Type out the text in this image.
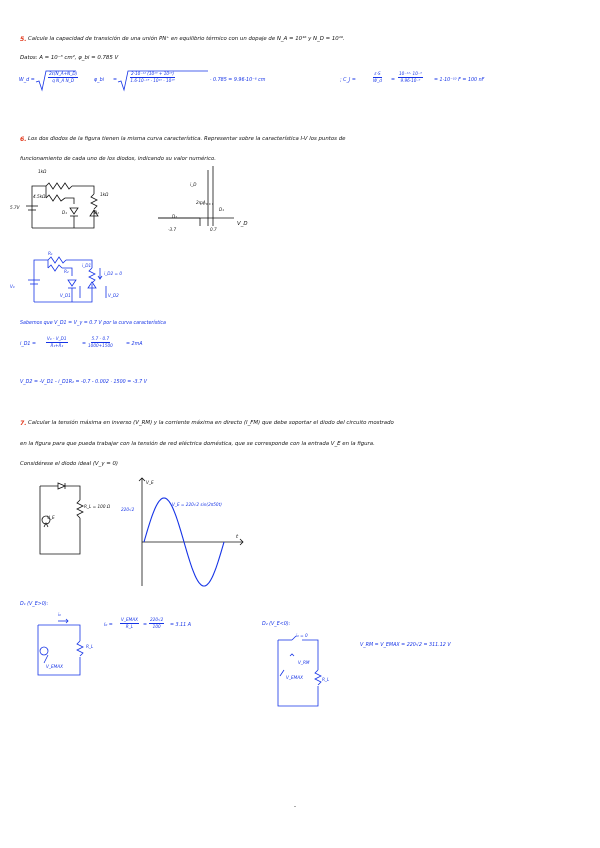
5. Calcule la capacidad de transición de una unión PN⁺ en equilibrio térmico con un dopaje de N_A = 10¹⁶ y N_D = 10¹⁹.
Datos: A = 10⁻³ cm², φ_bi = 0.785 V
W_d =	$\frac{2\varepsilon(N\_A+N\_D)}{\text{q N\_A N\_D}}$	φ_bi =	$\frac{\text{2·10⁻¹² (10¹⁶ + 10¹⁹)}}{\text{1.6·10⁻¹⁹ · 10¹⁶ · 10¹⁹}}$	· 0.785 = 9.96·10⁻⁶ cm	; C_J =	$\frac{\varepsilon\cdot S}{W\_d} = \frac{\text{10⁻¹²· 10⁻³}}{\text{9.96·10⁻⁶}} = 1\cdot 10^{-10}$ F = 100 nF
6. Los dos diodos de la figura tienen la misma curva característica. Representar sobre la característica I-V los puntos de
funcionamiento de cada uno de los diodos, indicando su valor numérico.
1kΩ
4.5kΩ	1kΩ
5.7V
D₁	D₂
i_D
V_D
D₂
D₁
2mA
-3.7	0.7
R₁
R₂	i_D2 = 0
V₀
V_D1	V_D2
i_D1
Sabemos que V_D1 = V_γ = 0.7 V por la curva característica
i_D1 = $\frac{\text{V₀ - V\_D1}}{\text{R₁+R₂}}$	= $\frac{5.7 - 0.7}{1000+1500}$	= 2mA
V_D2 = -V_D1 - i_D1R₂ = -0.7 - 0.002 · 1500 = -3.7 V
7. Calcular la tensión máxima en inverso (V_RM) y la corriente máxima en directo (I_FM) que debe soportar el diodo del circuito mostrado
en la figura para que pueda trabajar con la tensión de red eléctrica doméstica, que se corresponde con la entrada V_E en la figura.
Considérese el diodo ideal (V_γ = 0)
R_L = 100 Ω
V_E
V_E
t
220√2
V_E = 220√2 sin(2π50t)
D₁ (V_E>0):
i₀
R_L
V_EMAX
i₀ =
V_EMAX
R_L = $\frac{220√2}{100} = 3.11$ A	D₂ (V_E<0):
i₀ = 0
V_RM
V_EMAX	R_L
V_RM = V_EMAX = 220√2 = 311.12 V
-
